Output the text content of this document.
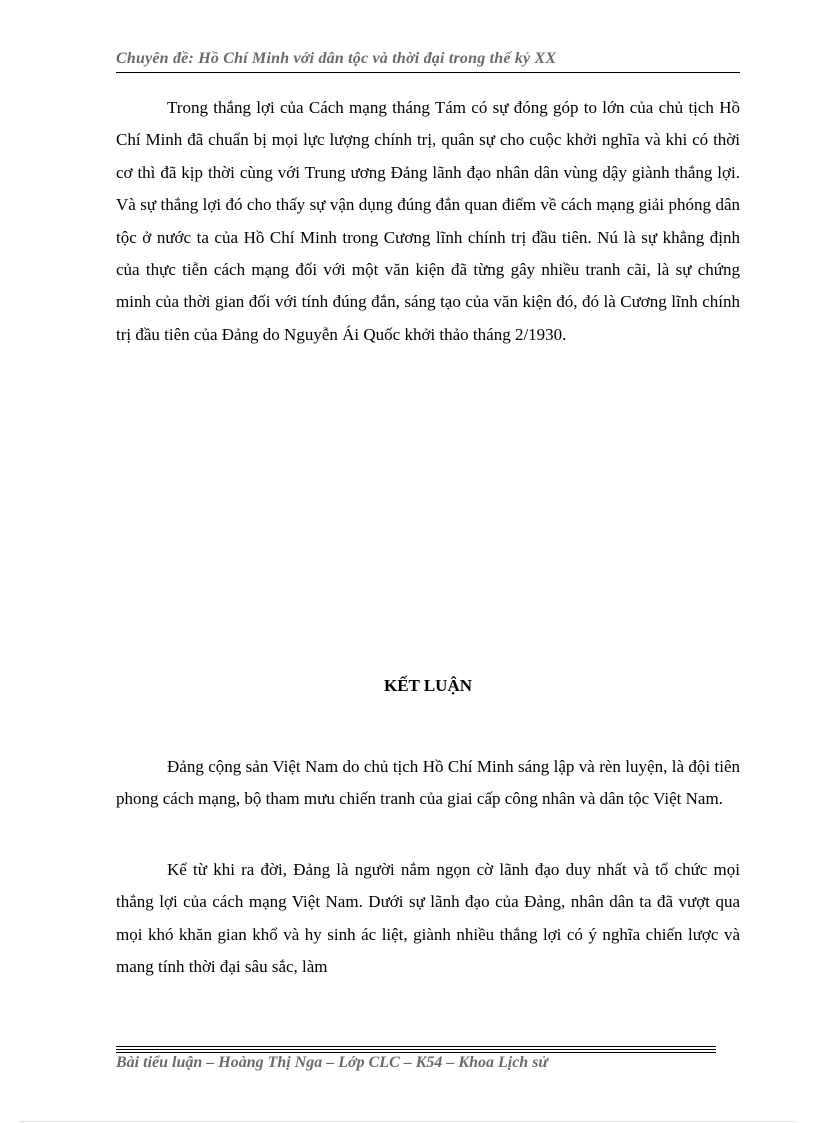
Chuyên đề: Hồ Chí Minh với dân tộc và thời đại trong thế kỷ XX

Trong thắng lợi của Cách mạng tháng Tám có sự đóng góp to lớn của chủ tịch Hồ Chí Minh đã chuẩn bị mọi lực lượng chính trị, quân sự cho cuộc khởi nghĩa và khi có thời cơ thì đã kịp thời cùng với Trung ương Đảng lãnh đạo nhân dân vùng dậy giành thắng lợi. Và sự thắng lợi đó cho thấy sự vận dụng đúng đắn quan điểm về cách mạng giải phóng dân tộc ở nước ta của Hồ Chí Minh trong Cương lĩnh chính trị đầu tiên. Nú là sự khẳng định của thực tiễn cách mạng đối với một văn kiện đã từng gây nhiều tranh cãi, là sự chứng minh của thời gian đối với tính đúng đắn, sáng tạo của văn kiện đó, đó là Cương lĩnh chính trị đầu tiên của Đảng do Nguyễn Ái Quốc khởi thảo tháng 2/1930.

KẾT LUẬN

Đảng cộng sản Việt Nam do chủ tịch Hồ Chí Minh sáng lập và rèn luyện, là đội tiên phong cách mạng, bộ tham mưu chiến tranh của giai cấp công nhân và dân tộc Việt Nam.

Kể từ khi ra đời, Đảng là người nắm ngọn cờ lãnh đạo duy nhất và tổ chức mọi thắng lợi của cách mạng Việt Nam. Dưới sự lãnh đạo của Đảng, nhân dân ta đã vượt qua mọi khó khăn gian khổ và hy sinh ác liệt, giành nhiều thắng lợi có ý nghĩa chiến lược và mang tính thời đại sâu sắc, làm

Bài tiểu luận – Hoàng Thị Nga – Lớp CLC – K54 – Khoa Lịch sử
